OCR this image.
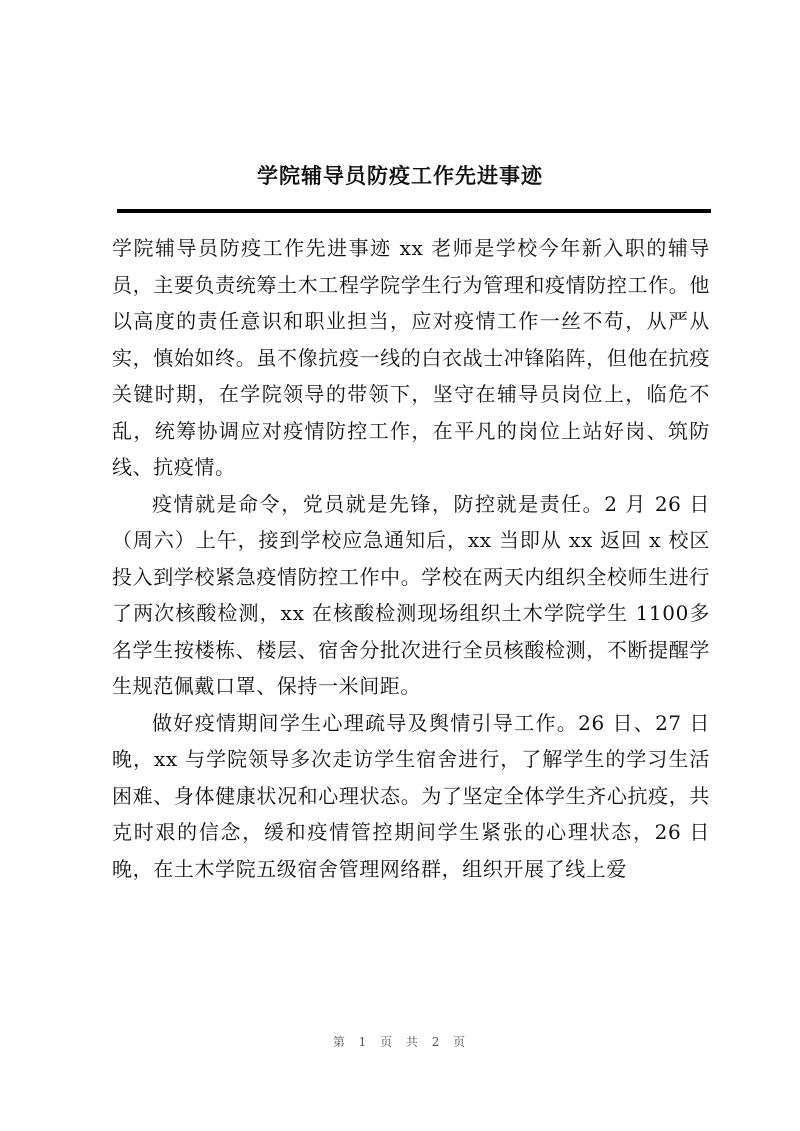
学院辅导员防疫工作先进事迹

学院辅导员防疫工作先进事迹 xx 老师是学校今年新入职的辅导员，主要负责统筹土木工程学院学生行为管理和疫情防控工作。他以高度的责任意识和职业担当，应对疫情工作一丝不苟，从严从实，慎始如终。虽不像抗疫一线的白衣战士冲锋陷阵，但他在抗疫关键时期，在学院领导的带领下，坚守在辅导员岗位上，临危不乱，统筹协调应对疫情防控工作，在平凡的岗位上站好岗、筑防线、抗疫情。

疫情就是命令，党员就是先锋，防控就是责任。2 月 26 日（周六）上午，接到学校应急通知后，xx 当即从 xx 返回 x 校区投入到学校紧急疫情防控工作中。学校在两天内组织全校师生进行了两次核酸检测，xx 在核酸检测现场组织土木学院学生 1100多名学生按楼栋、楼层、宿舍分批次进行全员核酸检测，不断提醒学生规范佩戴口罩、保持一米间距。

做好疫情期间学生心理疏导及舆情引导工作。26 日、27 日晚，xx 与学院领导多次走访学生宿舍进行，了解学生的学习生活困难、身体健康状况和心理状态。为了坚定全体学生齐心抗疫，共克时艰的信念，缓和疫情管控期间学生紧张的心理状态，26 日晚，在土木学院五级宿舍管理网络群，组织开展了线上爱

第 1 页 共 2 页
